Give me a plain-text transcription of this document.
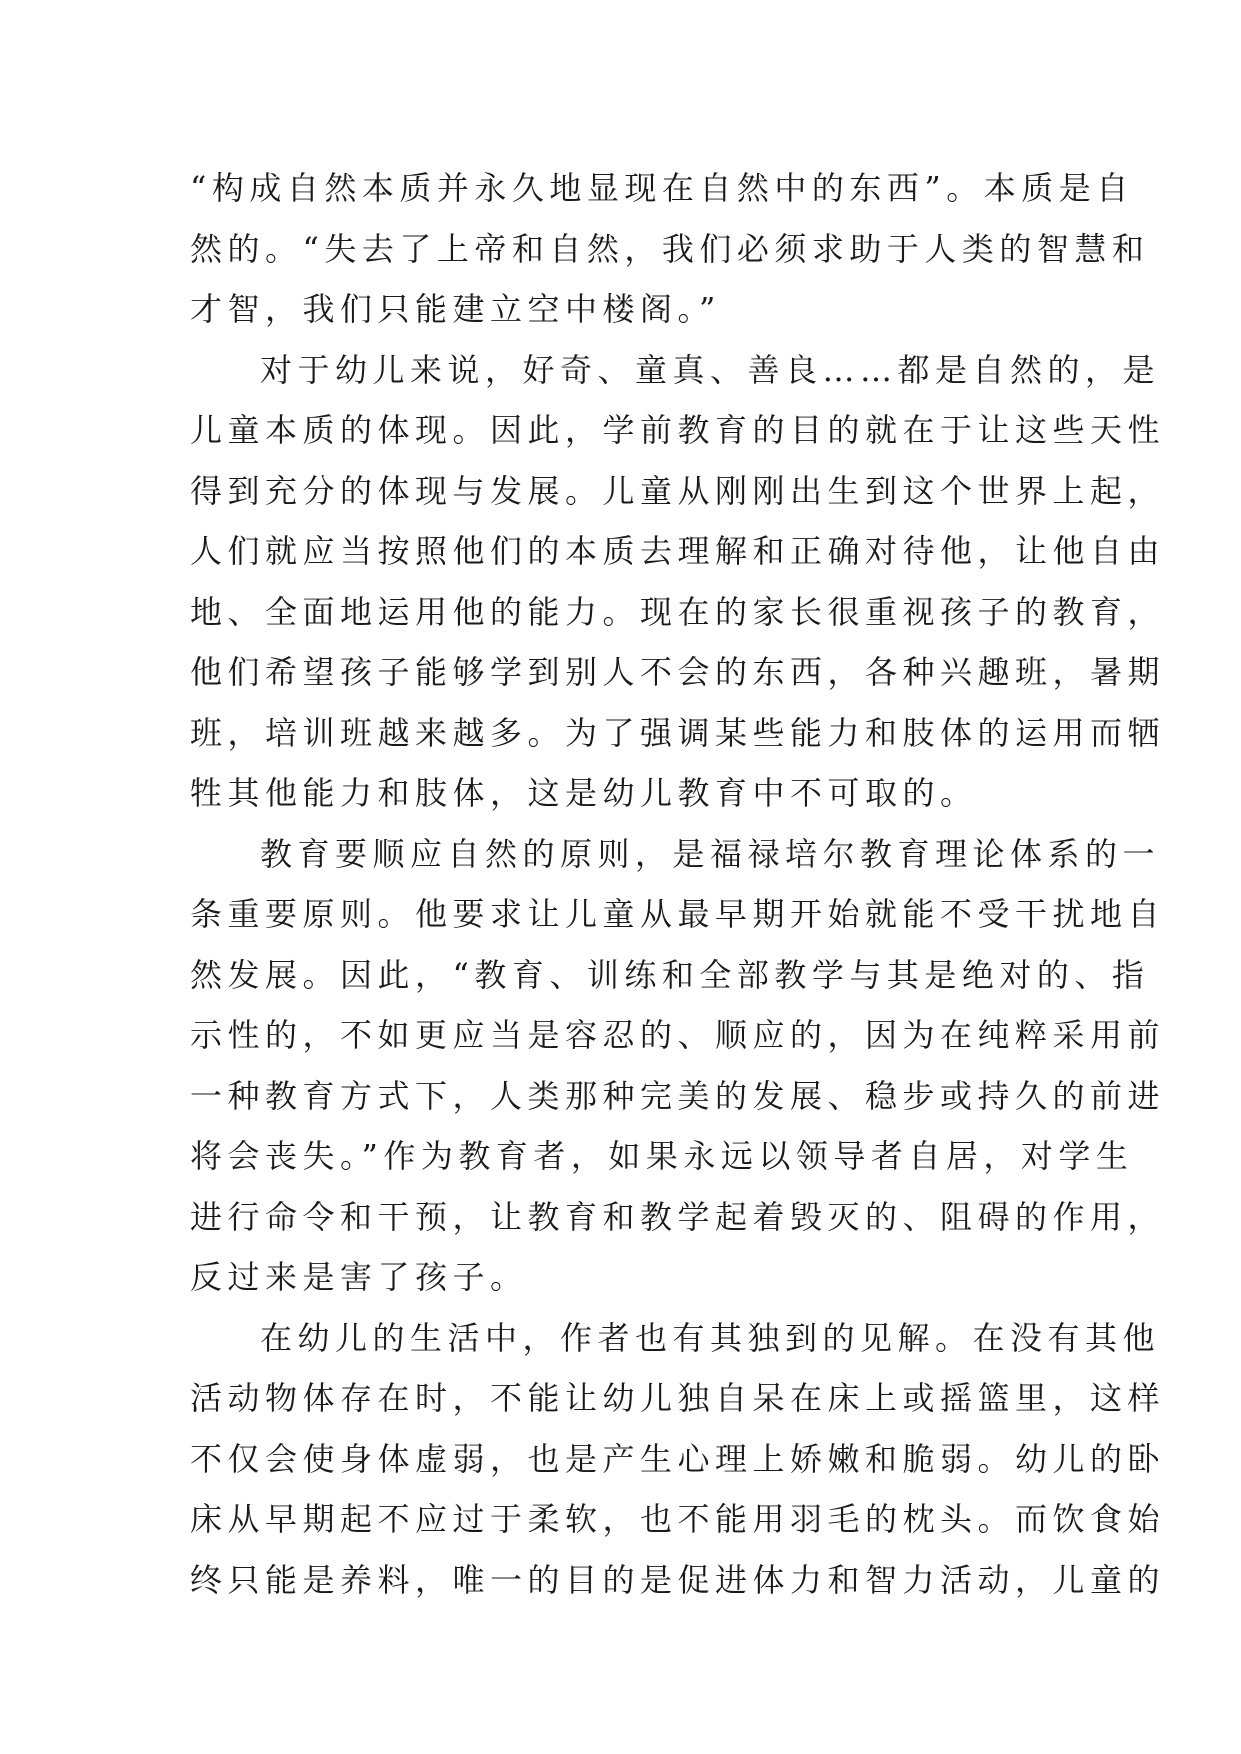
“构成自然本质并永久地显现在自然中的东西”。本质是自
然的。“失去了上帝和自然，我们必须求助于人类的智慧和
才智，我们只能建立空中楼阁。”
对于幼儿来说，好奇、童真、善良……都是自然的，是
儿童本质的体现。因此，学前教育的目的就在于让这些天性
得到充分的体现与发展。儿童从刚刚出生到这个世界上起，
人们就应当按照他们的本质去理解和正确对待他，让他自由
地、全面地运用他的能力。现在的家长很重视孩子的教育，
他们希望孩子能够学到别人不会的东西，各种兴趣班，暑期
班，培训班越来越多。为了强调某些能力和肢体的运用而牺
牲其他能力和肢体，这是幼儿教育中不可取的。
教育要顺应自然的原则，是福禄培尔教育理论体系的一
条重要原则。他要求让儿童从最早期开始就能不受干扰地自
然发展。因此，“教育、训练和全部教学与其是绝对的、指
示性的，不如更应当是容忍的、顺应的，因为在纯粹采用前
一种教育方式下，人类那种完美的发展、稳步或持久的前进
将会丧失。”作为教育者，如果永远以领导者自居，对学生
进行命令和干预，让教育和教学起着毁灭的、阻碍的作用，
反过来是害了孩子。
在幼儿的生活中，作者也有其独到的见解。在没有其他
活动物体存在时，不能让幼儿独自呆在床上或摇篮里，这样
不仅会使身体虚弱，也是产生心理上娇嫩和脆弱。幼儿的卧
床从早期起不应过于柔软，也不能用羽毛的枕头。而饮食始
终只能是养料，唯一的目的是促进体力和智力活动，儿童的
